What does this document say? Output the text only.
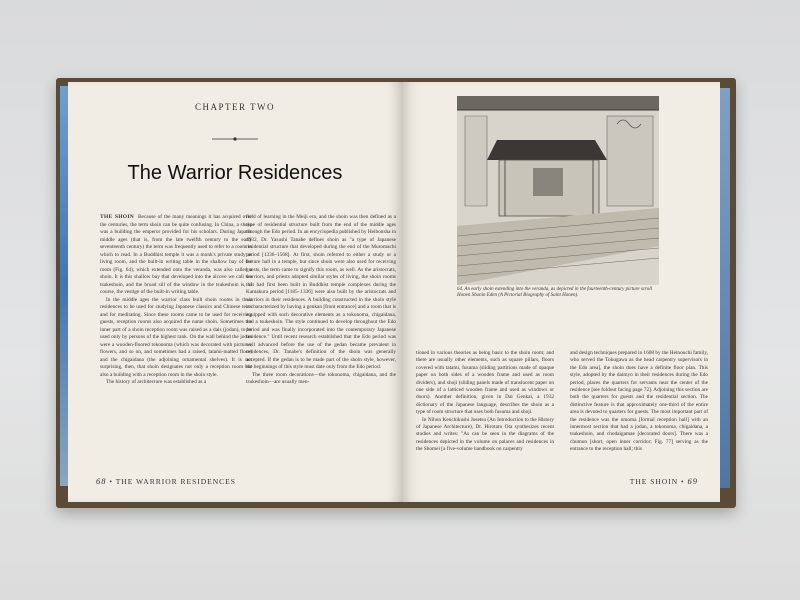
CHAPTER TWO
The Warrior Residences

THE SHOIN Because of the many meanings it has acquired over the centuries, the term shoin can be quite confusing. In China, a shoin was a building the emperor provided for his scholars. During Japan's middle ages (that is, from the late twelfth century to the early seventeenth century) the term was frequently used to refer to a room in which to read. In a Buddhist temple it was a monk's private study or living room, and the built-in writing table in the shallow bay of the room (Fig. 64), which extended onto the veranda, was also called a shoin. It is this shallow bay that developed into the alcove we call the tsukeshoin, and the broad sill of the window in the tsukeshoin is, of course, the vestige of the built-in writing table.

In the middle ages the warrior class built shoin rooms in their residences to be used for studying Japanese classics and Chinese texts and for meditating. Since these rooms came to be used for receiving guests, reception rooms also acquired the name shoin. Sometimes the inner part of a shoin reception room was raised as a dais (jodan), to be used only by persons of the highest rank. On the wall behind the jodan were a wooden-floored tokonoma (which was decorated with pictures, flowers, and so on, and sometimes had a raised, tatami-matted floor) and the chigaidana (the adjoining ornamental shelves). It is not surprising, then, that shoin designates not only a reception room but also a building with a reception room in the shoin style.

The history of architecture was established as a

field of learning in the Meiji era, and the shoin was then defined as a type of residential structure built from the end of the middle ages through the Edo period. In an encyclopedia published by Heibonsha in 1932, Dr. Yasushi Tanabe defines shoin as "a type of Japanese residential structure that developed during the end of the Muromachi period [1336–1568]. At first, shoin referred to either a study or a lecture hall in a temple, but since shoin were also used for receiving guests, the term came to signify this room, as well. As the aristocrats, warriors, and priests adopted similar styles of living, the shoin rooms that had first been built in Buddhist temple complexes during the Kamakura period [1185–1336] were also built by the aristocrats and warriors in their residences. A building constructed in the shoin style is characterized by having a genkan [front entrance] and a room that is equipped with such decorative elements as a tokonoma, chigaidana, and a tsukeshoin. The style continued to develop throughout the Edo period and was finally incorporated into the contemporary Japanese residence." Until recent research established that the Edo period was well advanced before the use of the gedan became prevalent in residences, Dr. Tanabe's definition of the shoin was generally accepted. If the gedan is to be made part of the shoin style, however, the beginnings of this style must date only from the Edo period.

The three room decorations—the tokonoma, chigaidana, and the tsukeshoin—are usually men-

68 • THE WARRIOR RESIDENCES
64. An early shoin extending into the veranda, as depicted in the fourteenth-century picture scroll Honen Shonin Eden (A Pictorial Biography of Saint Honen).

tioned in various theories as being basic to the shoin room; and there are usually other elements, such as square pillars, floors covered with tatami, fusuma (sliding partitions made of opaque paper on both sides of a wooden frame and used as room dividers), and shoji (sliding panels made of translucent paper on one side of a latticed wooden frame and used as windows or doors). Another definition, given in Dai Genkai, a 1932 dictionary of the Japanese language, describes the shoin as a type of room structure that uses both fusuma and shoji.

In Nihon Kenchikushi Josetsu (An Introduction to the History of Japanese Architecture), Dr. Hirotaro Ota synthesizes recent studies and writes: "As can be seen in the diagrams of the residences depicted in the volume on palaces and residences in the Shomei [a five-volume handbook on carpentry

and design techniques prepared in 1608 by the Heinouchi family, who served the Tokugawa as the head carpentry supervisors in the Edo area], the shoin does have a definite floor plan. This style, adopted by the daimyo in their residences during the Edo period, places the quarters for servants near the center of the residence [see foldout facing page 72]. Adjoining this section are both the quarters for guests and the residential section. The distinctive feature is that approximately one-third of the entire area is devoted to quarters for guests. The most important part of the residence was the omoma [formal reception hall] with an innermost section that had a jodan, a tokonoma, chigaidana, a tsukeshoin, and chodaigamae [decorated doors]. There was a chumon [short, open inner corridor; Fig. 77] serving as the entrance to the reception hall; this

THE SHOIN • 69
